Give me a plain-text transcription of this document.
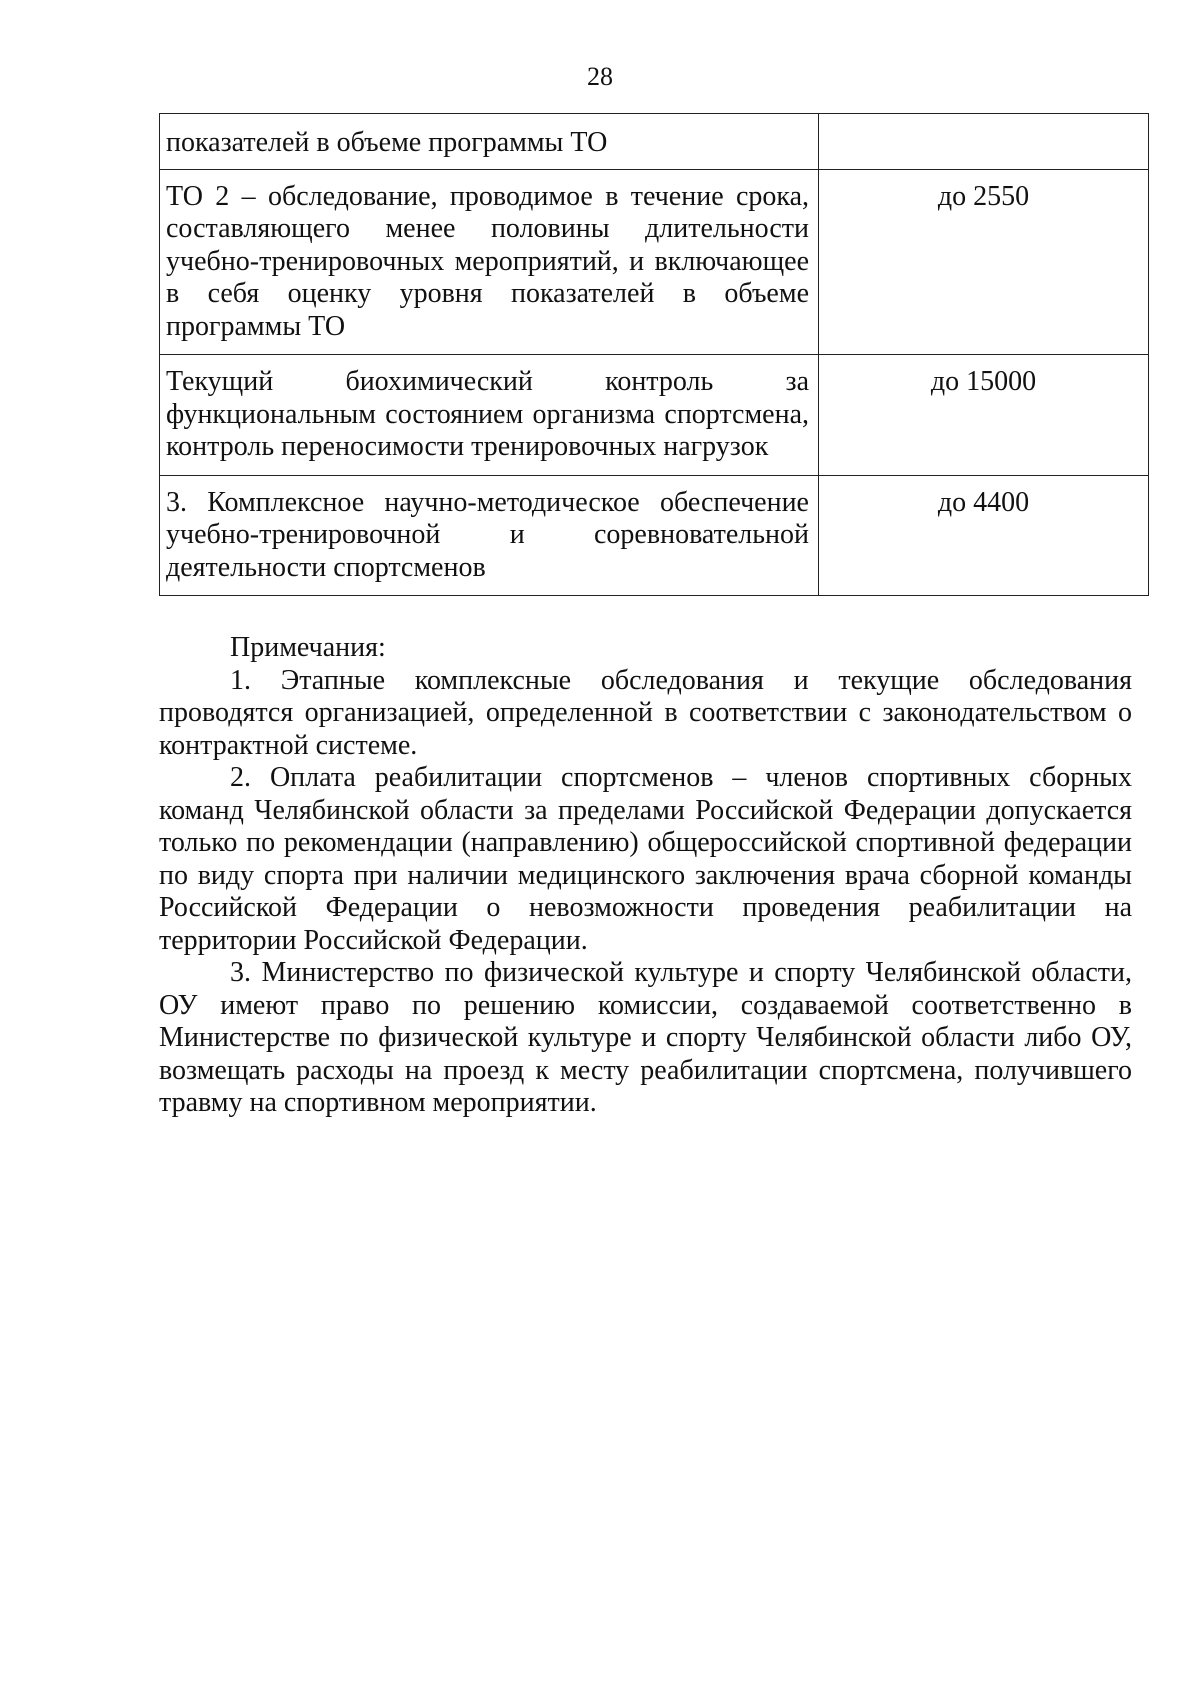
28
показателей в объеме программы ТО	
ТО 2 – обследование, проводимое в течение срока, составляющего менее половины длительности учебно-тренировочных мероприятий, и включающее в себя оценку уровня показателей в объеме программы ТО	до 2550
Текущий биохимический контроль за функциональным состоянием организма спортсмена, контроль переносимости тренировочных нагрузок	до 15000
3. Комплексное научно-методическое обеспечение учебно-тренировочной и соревновательной деятельности спортсменов	до 4400

Примечания:

1. Этапные комплексные обследования и текущие обследования проводятся организацией, определенной в соответствии с законодательством о контрактной системе.

2. Оплата реабилитации спортсменов – членов спортивных сборных команд Челябинской области за пределами Российской Федерации допускается только по рекомендации (направлению) общероссийской спортивной федерации по виду спорта при наличии медицинского заключения врача сборной команды Российской Федерации о невозможности проведения реабилитации на территории Российской Федерации.

3. Министерство по физической культуре и спорту Челябинской области, ОУ имеют право по решению комиссии, создаваемой соответственно в Министерстве по физической культуре и спорту Челябинской области либо ОУ, возмещать расходы на проезд к месту реабилитации спортсмена, получившего травму на спортивном мероприятии.
